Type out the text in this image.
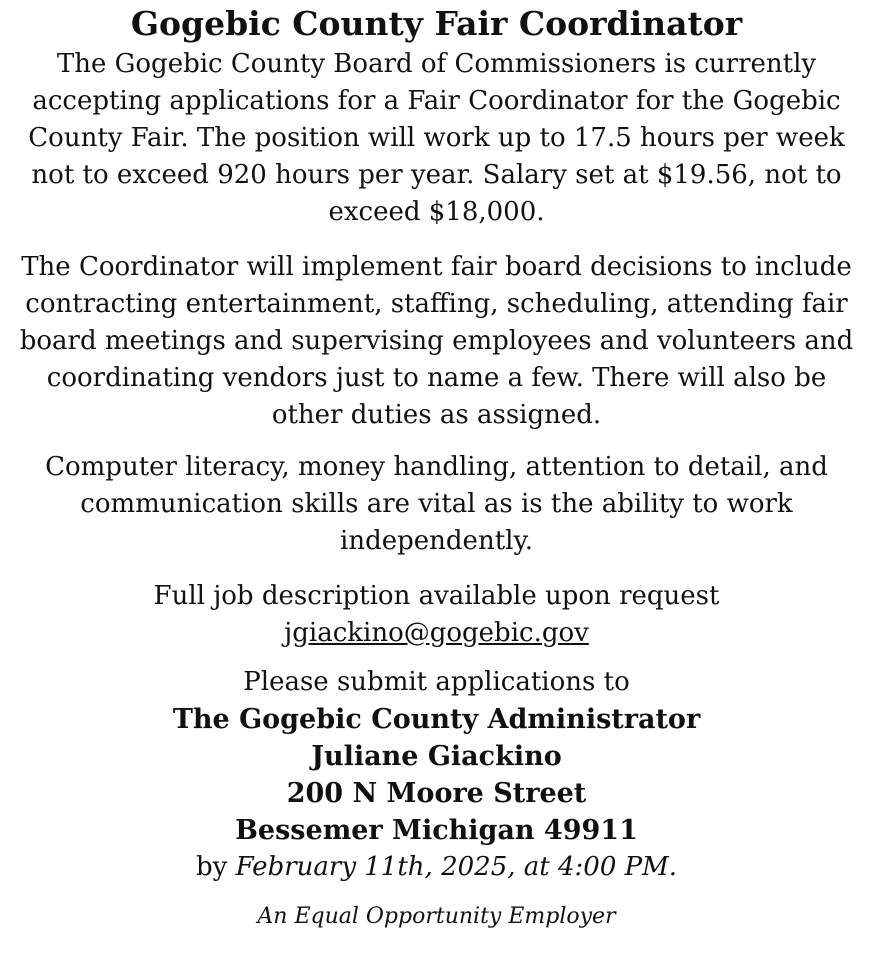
Gogebic County Fair Coordinator

The Gogebic County Board of Commissioners is currently accepting applications for a Fair Coordinator for the Gogebic County Fair. The position will work up to 17.5 hours per week not to exceed 920 hours per year. Salary set at $19.56, not to exceed $18,000.

The Coordinator will implement fair board decisions to include contracting entertainment, staffing, scheduling, attending fair board meetings and supervising employees and volunteers and coordinating vendors just to name a few. There will also be other duties as assigned.

Computer literacy, money handling, attention to detail, and communication skills are vital as is the ability to work independently.

Full job description available upon request
jgiackino@gogebic.gov

Please submit applications to
The Gogebic County Administrator
Juliane Giackino
200 N Moore Street
Bessemer Michigan 49911
by February 11th, 2025, at 4:00 PM.

An Equal Opportunity Employer
